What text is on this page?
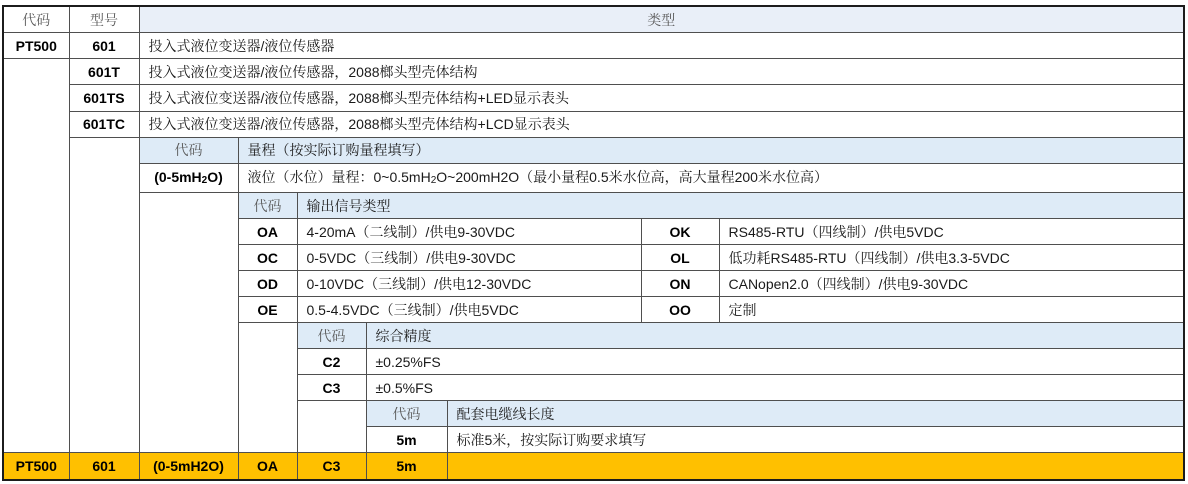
代码	型号	类型						
PT500	601	投入式液位变送器/液位传感器						
	601T	投入式液位变送器/液位传感器，2088榔头型壳体结构						
	601TS	投入式液位变送器/液位传感器，2088榔头型壳体结构+LED显示表头						
	601TC	投入式液位变送器/液位传感器，2088榔头型壳体结构+LCD显示表头						
		代码	量程（按实际订购量程填写）					
		(0-5mH2O)	液位（水位）量程：0~0.5mH2O~200mH2O（最小量程0.5米水位高，高大量程200米水位高）					
			代码	输出信号类型				
			OA	4-20mA（二线制）/供电9-30VDC			OK	RS485-RTU（四线制）/供电5VDC
			OC	0-5VDC（三线制）/供电9-30VDC			OL	低功耗RS485-RTU（四线制）/供电3.3-5VDC
			OD	0-10VDC（三线制）/供电12-30VDC			ON	CANopen2.0（四线制）/供电9-30VDC
			OE	0.5-4.5VDC（三线制）/供电5VDC			OO	定制
				代码	综合精度			
				C2	±0.25%FS			
				C3	±0.5%FS			
					代码	配套电缆线长度		
					5m	标准5米，按实际订购要求填写		
PT500	601	(0-5mH2O)	OA	C3	5m			
